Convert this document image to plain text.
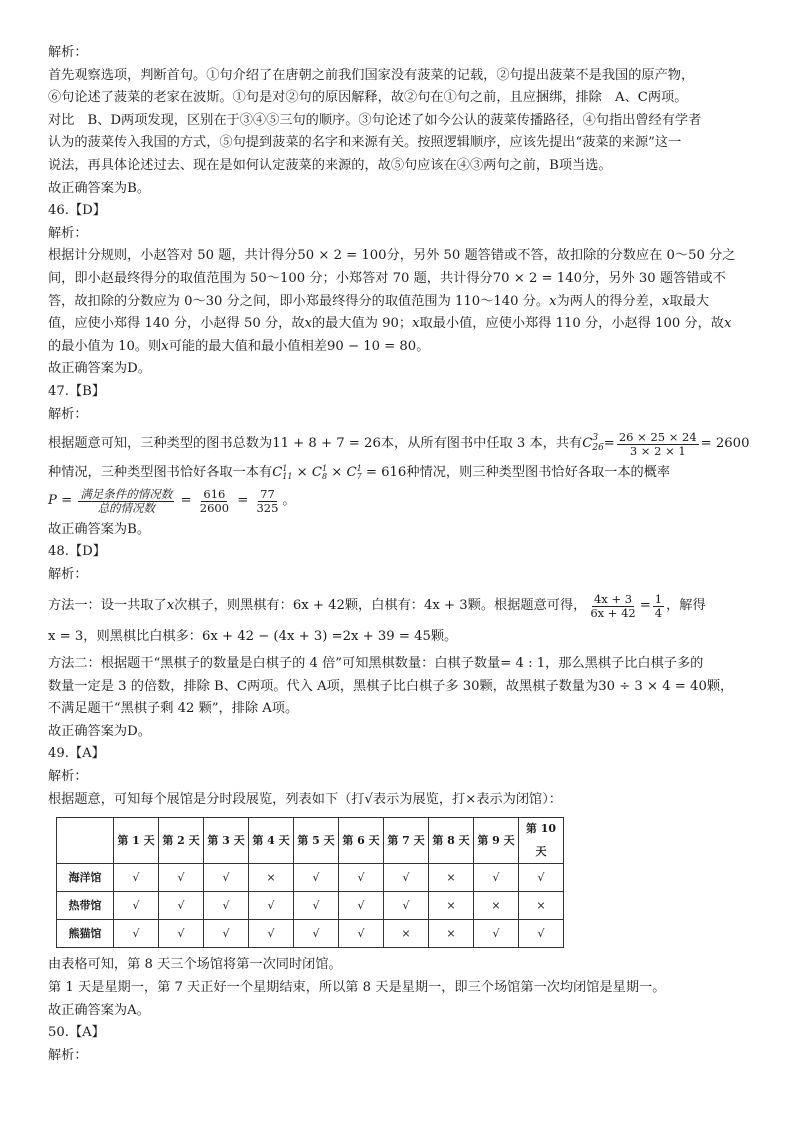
解析：
首先观察选项，判断首句。①句介绍了在唐朝之前我们国家没有菠菜的记载，②句提出菠菜不是我国的原产物，
⑥句论述了菠菜的老家在波斯。①句是对②句的原因解释，故②句在①句之前，且应捆绑，排除　A、C两项。
对比　B、D两项发现，区别在于③④⑤三句的顺序。③句论述了如今公认的菠菜传播路径，④句指出曾经有学者
认为的菠菜传入我国的方式，⑤句提到菠菜的名字和来源有关。按照逻辑顺序，应该先提出“菠菜的来源”这一
说法，再具体论述过去、现在是如何认定菠菜的来源的，故⑤句应该在④③两句之前，B项当选。
故正确答案为B。
46.【D】
解析：
根据计分规则，小赵答对 50 题，共计得分50 × 2 = 100分，另外 50 题答错或不答，故扣除的分数应在 0～50 分之
间，即小赵最终得分的取值范围为 50～100 分；小郑答对 70 题，共计得分70 × 2 = 140分，另外 30 题答错或不
答，故扣除的分数应为 0～30 分之间，即小郑最终得分的取值范围为 110～140 分。x为两人的得分差，x取最大
值，应使小郑得 140 分，小赵得 50 分，故x的最大值为 90；x取最小值，应使小郑得 110 分，小赵得 100 分，故x
的最小值为 10。则x可能的最大值和最小值相差90 − 10 = 80。
故正确答案为D。
47.【B】
解析：
根据题意可知，三种类型的图书总数为 11 + 8 + 7 = 26 本，从所有图书中任取 3 本，共有 C 3
$26 = \frac{26 \times 25 \times 24}{3 \times 2 \times 1} = 2600$
种情况，三种类型图书恰好各取一本有C 1
11 × C 1
8 × C 1
7 = 616种情况，则三种类型图书恰好各取一本的概率
$P = \frac{\text{满足条件的情况数}}{\text{总的情况数}} = \frac{616}{2600} = \frac{77}{325}$ 。
故正确答案为B。
48.【D】
解析：
方法一：设一共取了 x 次棋子，则黑棋有： 6x + 42 颗，白棋有： 4x + 3 颗。根据题意可得， $\frac{4x + 3}{6x + 42} = \frac{1}{4}$ ，解得
x = 3，则黑棋比白棋多：6x + 42 − (4x + 3) =2x + 39 = 45颗。
方法二：根据题干“黑棋子的数量是白棋子的 4 倍”可知黑棋数量：白棋子数量= 4 : 1，那么黑棋子比白棋子多的
数量一定是 3 的倍数，排除 B、C两项。代入 A项，黑棋子比白棋子多 30颗，故黑棋子数量为30 ÷ 3 × 4 = 40颗，
不满足题干“黑棋子剩 42 颗”，排除 A项。
故正确答案为D。
49.【A】
解析：
根据题意，可知每个展馆是分时段展览，列表如下（打√表示为展览，打×表示为闭馆）：
	第 1 天	第 2 天	第 3 天	第 4 天	第 5 天	第 6 天	第 7 天	第 8 天	第 9 天	第 10 天
海洋馆	√	√	√	×	√	√	√	×	√	√
热带馆	√	√	√	√	√	√	√	×	×	×
熊猫馆	√	√	√	√	√	√	×	×	√	√
由表格可知，第 8 天三个场馆将第一次同时闭馆。
第 1 天是星期一，第 7 天正好一个星期结束，所以第 8 天是星期一，即三个场馆第一次均闭馆是星期一。
故正确答案为A。
50.【A】
解析：
